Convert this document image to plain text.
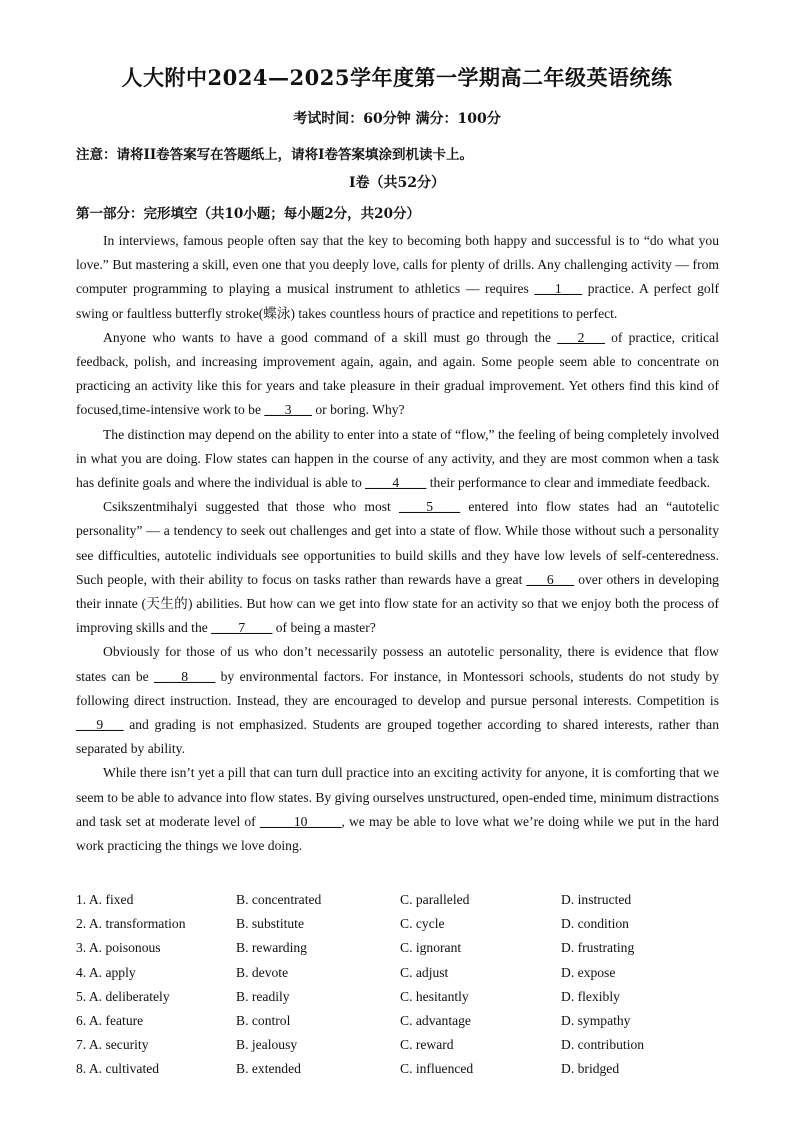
人大附中2024—2025学年度第一学期高二年级英语统练
考试时间：60分钟 满分：100分
注意：请将II卷答案写在答题纸上，请将I卷答案填涂到机读卡上。
I卷（共52分）
第一部分：完形填空（共10小题；每小题2分，共20分）

In interviews, famous people often say that the key to becoming both happy and successful is to “do what you love.” But mastering a skill, even one that you deeply love, calls for plenty of drills. Any challenging activity — from computer programming to playing a musical instrument to athletics — requires ___1___ practice. A perfect golf swing or faultless butterfly stroke(蝶泳) takes countless hours of practice and repetitions to perfect.

Anyone who wants to have a good command of a skill must go through the ___2___ of practice, critical feedback, polish, and increasing improvement again, again, and again. Some people seem able to concentrate on practicing an activity like this for years and take pleasure in their gradual improvement. Yet others find this kind of focused,time-intensive work to be ___3___ or boring. Why?

The distinction may depend on the ability to enter into a state of “flow,” the feeling of being completely involved in what you are doing. Flow states can happen in the course of any activity, and they are most common when a task has definite goals and where the individual is able to ____4____ their performance to clear and immediate feedback.

Csikszentmihalyi suggested that those who most ____5____ entered into flow states had an “autotelic personality” — a tendency to seek out challenges and get into a state of flow. While those without such a personality see difficulties, autotelic individuals see opportunities to build skills and they have low levels of self-centeredness. Such people, with their ability to focus on tasks rather than rewards have a great ___6___ over others in developing their innate (天生的) abilities. But how can we get into flow state for an activity so that we enjoy both the process of improving skills and the ____7____ of being a master?

Obviously for those of us who don’t necessarily possess an autotelic personality, there is evidence that flow states can be ____8____ by environmental factors. For instance, in Montessori schools, students do not study by following direct instruction. Instead, they are encouraged to develop and pursue personal interests. Competition is ___9___ and grading is not emphasized. Students are grouped together according to shared interests, rather than separated by ability.

While there isn’t yet a pill that can turn dull practice into an exciting activity for anyone, it is comforting that we seem to be able to advance into flow states. By giving ourselves unstructured, open-ended time, minimum distractions and task set at moderate level of _____10_____, we may be able to love what we’re doing while we put in the hard work practicing the things we love doing.

1. A. fixed	B. concentrated	C. paralleled	D. instructed
2. A. transformation	B. substitute	C. cycle	D. condition
3. A. poisonous	B. rewarding	C. ignorant	D. frustrating
4. A. apply	B. devote	C. adjust	D. expose
5. A. deliberately	B. readily	C. hesitantly	D. flexibly
6. A. feature	B. control	C. advantage	D. sympathy
7. A. security	B. jealousy	C. reward	D. contribution
8. A. cultivated	B. extended	C. influenced	D. bridged
